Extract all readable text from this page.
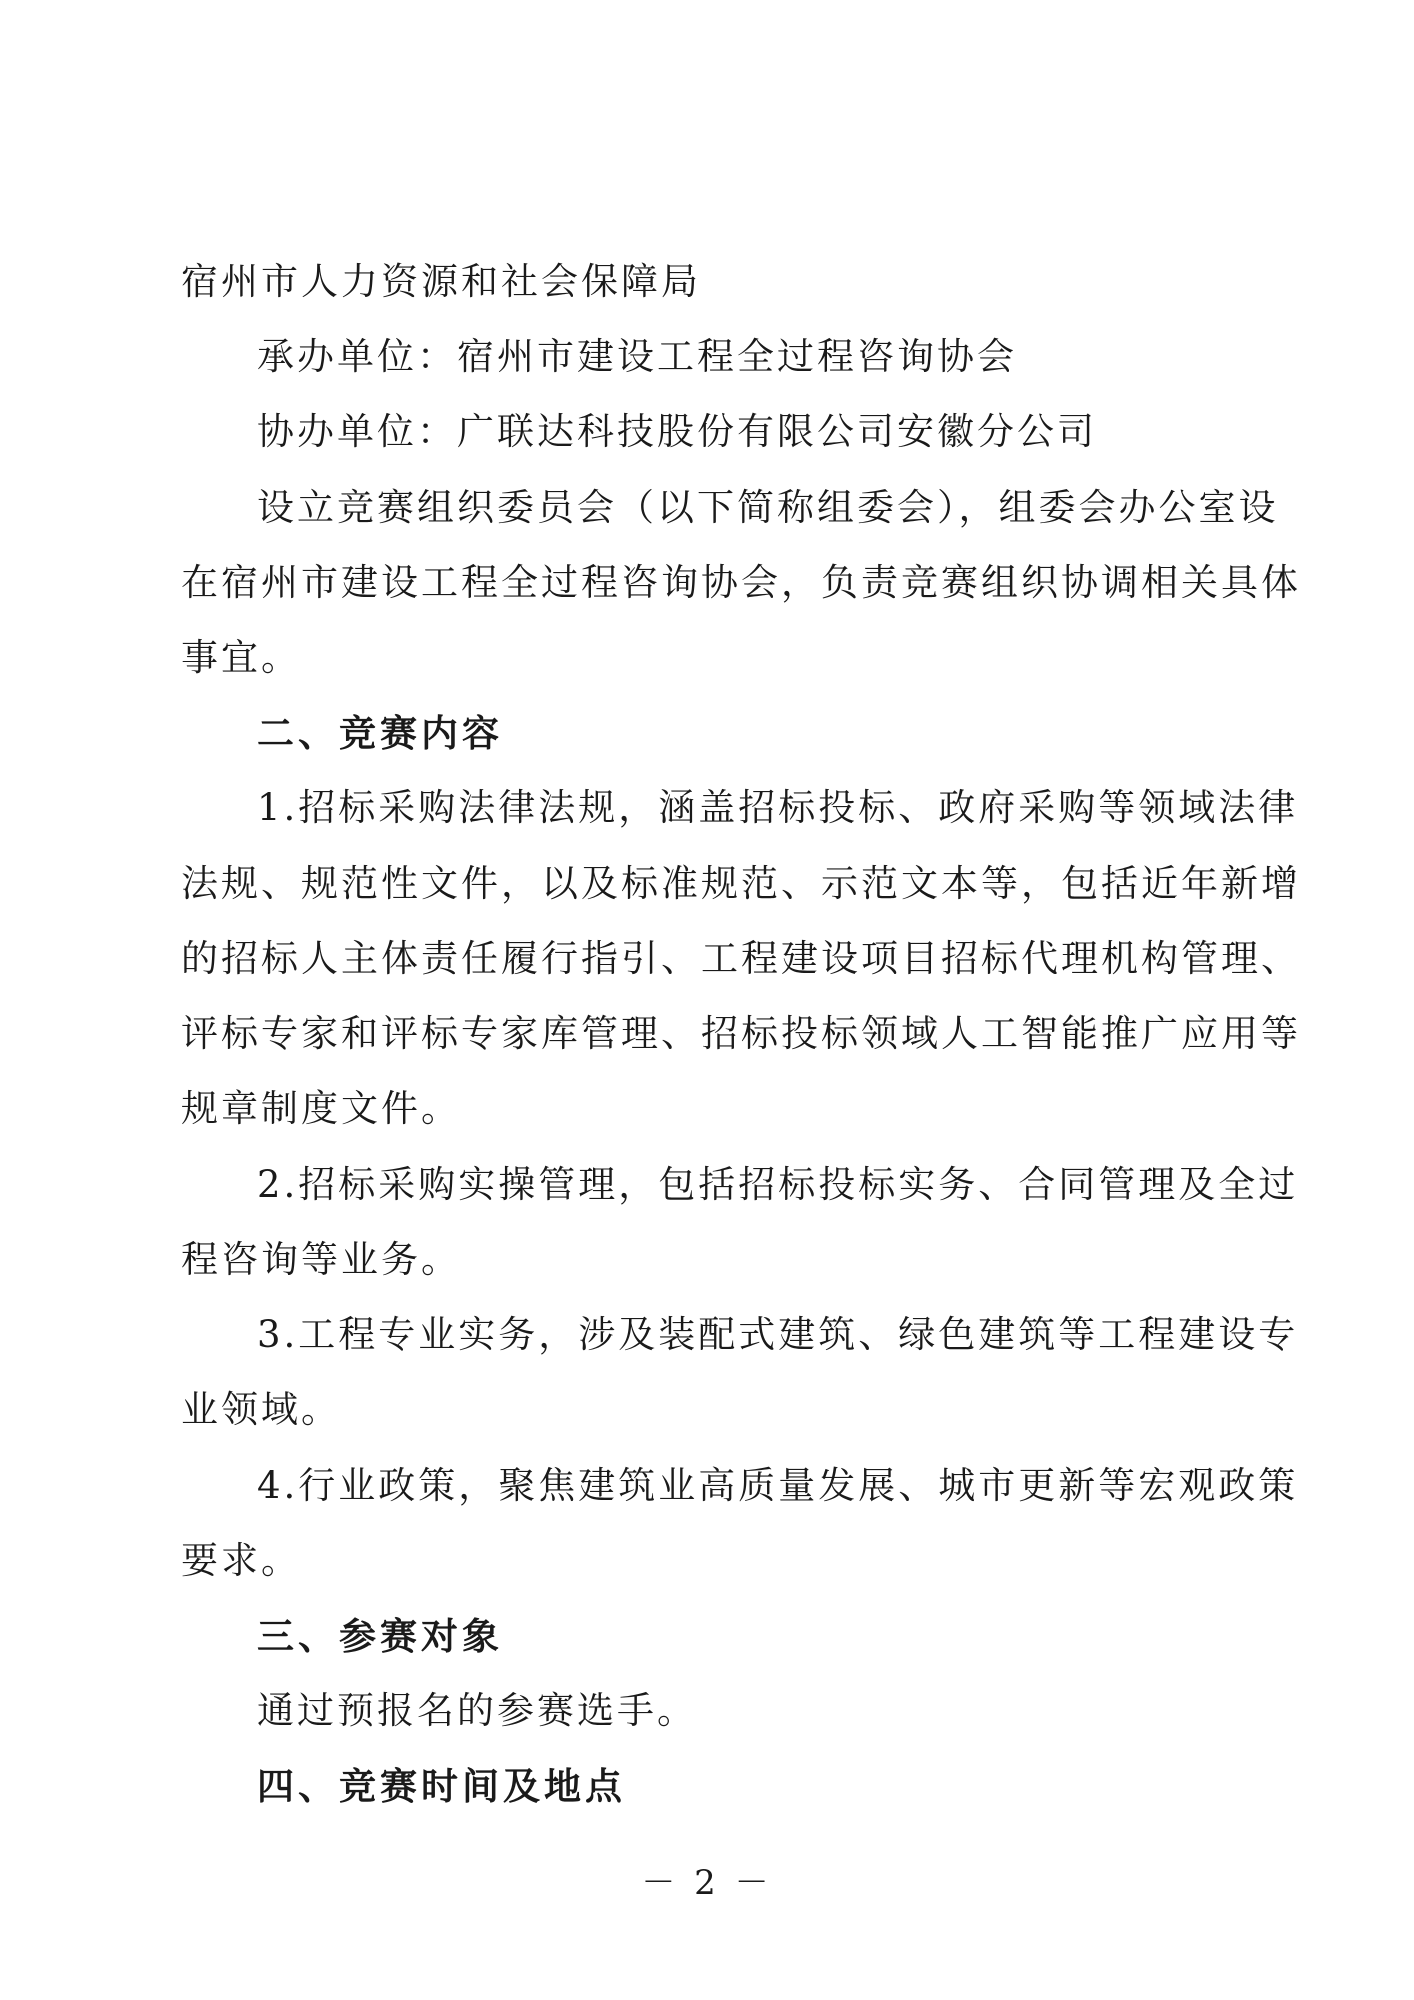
宿州市人力资源和社会保障局
承办单位：宿州市建设工程全过程咨询协会
协办单位：广联达科技股份有限公司安徽分公司
设立竞赛组织委员会（以下简称组委会），组委会办公室设
在宿州市建设工程全过程咨询协会，负责竞赛组织协调相关具体
事宜。
二、竞赛内容
1.招标采购法律法规，涵盖招标投标、政府采购等领域法律
法规、规范性文件，以及标准规范、示范文本等，包括近年新增
的招标人主体责任履行指引、工程建设项目招标代理机构管理、
评标专家和评标专家库管理、招标投标领域人工智能推广应用等
规章制度文件。
2.招标采购实操管理，包括招标投标实务、合同管理及全过
程咨询等业务。
3.工程专业实务，涉及装配式建筑、绿色建筑等工程建设专
业领域。
4.行业政策，聚焦建筑业高质量发展、城市更新等宏观政策
要求。
三、参赛对象
通过预报名的参赛选手。
四、竞赛时间及地点
－ 2 －
